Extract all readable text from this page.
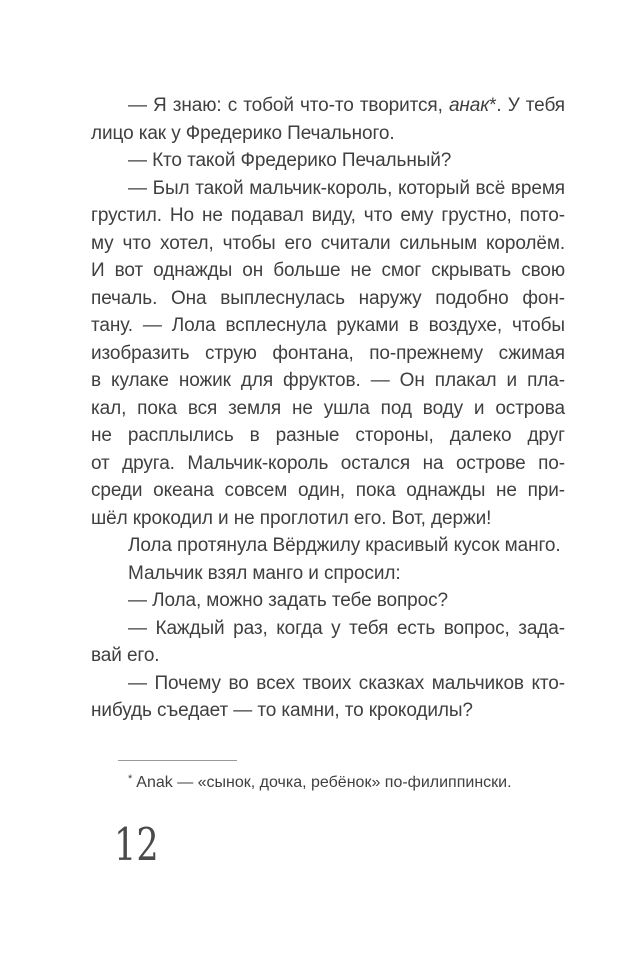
— Я знаю: с тобой что-то творится, анак*. У тебя
лицо как у Фредерико Печального.
— Кто такой Фредерико Печальный?
— Был такой мальчик-король, который всё время
грустил. Но не подавал виду, что ему грустно, пото-
му что хотел, чтобы его считали сильным королём.
И вот однажды он больше не смог скрывать свою
печаль. Она выплеснулась наружу подобно фон-
тану. — Лола всплеснула руками в воздухе, чтобы
изобразить струю фонтана, по-прежнему сжимая
в кулаке ножик для фруктов. — Он плакал и пла-
кал, пока вся земля не ушла под воду и острова
не расплылись в разные стороны, далеко друг
от друга. Мальчик-король остался на острове по-
среди океана совсем один, пока однажды не при-
шёл крокодил и не проглотил его. Вот, держи!
Лола протянула Вёрджилу красивый кусок манго.
Мальчик взял манго и спросил:
— Лола, можно задать тебе вопрос?
— Каждый раз, когда у тебя есть вопрос, зада-
вай его.
— Почему во всех твоих сказках мальчиков кто-
нибудь съедает — то камни, то крокодилы?
* Anak — «сынок, дочка, ребёнок» по-филиппински.
12
